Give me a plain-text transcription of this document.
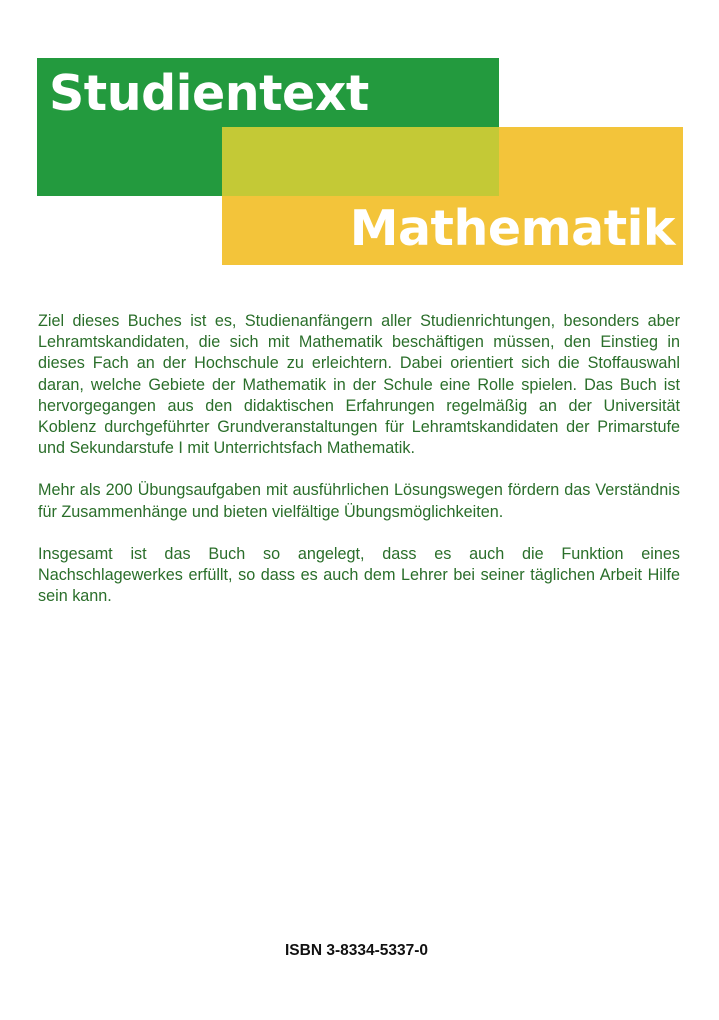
Studientext
Mathematik

Ziel dieses Buches ist es, Studienanfängern aller Studienrichtungen, besonders aber Lehramtskandidaten, die sich mit Mathematik beschäftigen müssen, den Einstieg in dieses Fach an der Hochschule zu erleichtern. Dabei orientiert sich die Stoffauswahl daran, welche Gebiete der Mathematik in der Schule eine Rolle spielen. Das Buch ist hervorgegangen aus den didaktischen Erfahrungen regelmäßig an der Universität Koblenz durchgeführter Grundveranstaltungen für Lehramtskandidaten der Primarstufe und Sekundarstufe I mit Unterrichtsfach Mathematik.

Mehr als 200 Übungsaufgaben mit ausführlichen Lösungswegen fördern das Verständnis für Zusammenhänge und bieten vielfältige Übungsmöglichkeiten.

Insgesamt ist das Buch so angelegt, dass es auch die Funktion eines Nachschlagewerkes erfüllt, so dass es auch dem Lehrer bei seiner täglichen Arbeit Hilfe sein kann.

ISBN 3-8334-5337-0
